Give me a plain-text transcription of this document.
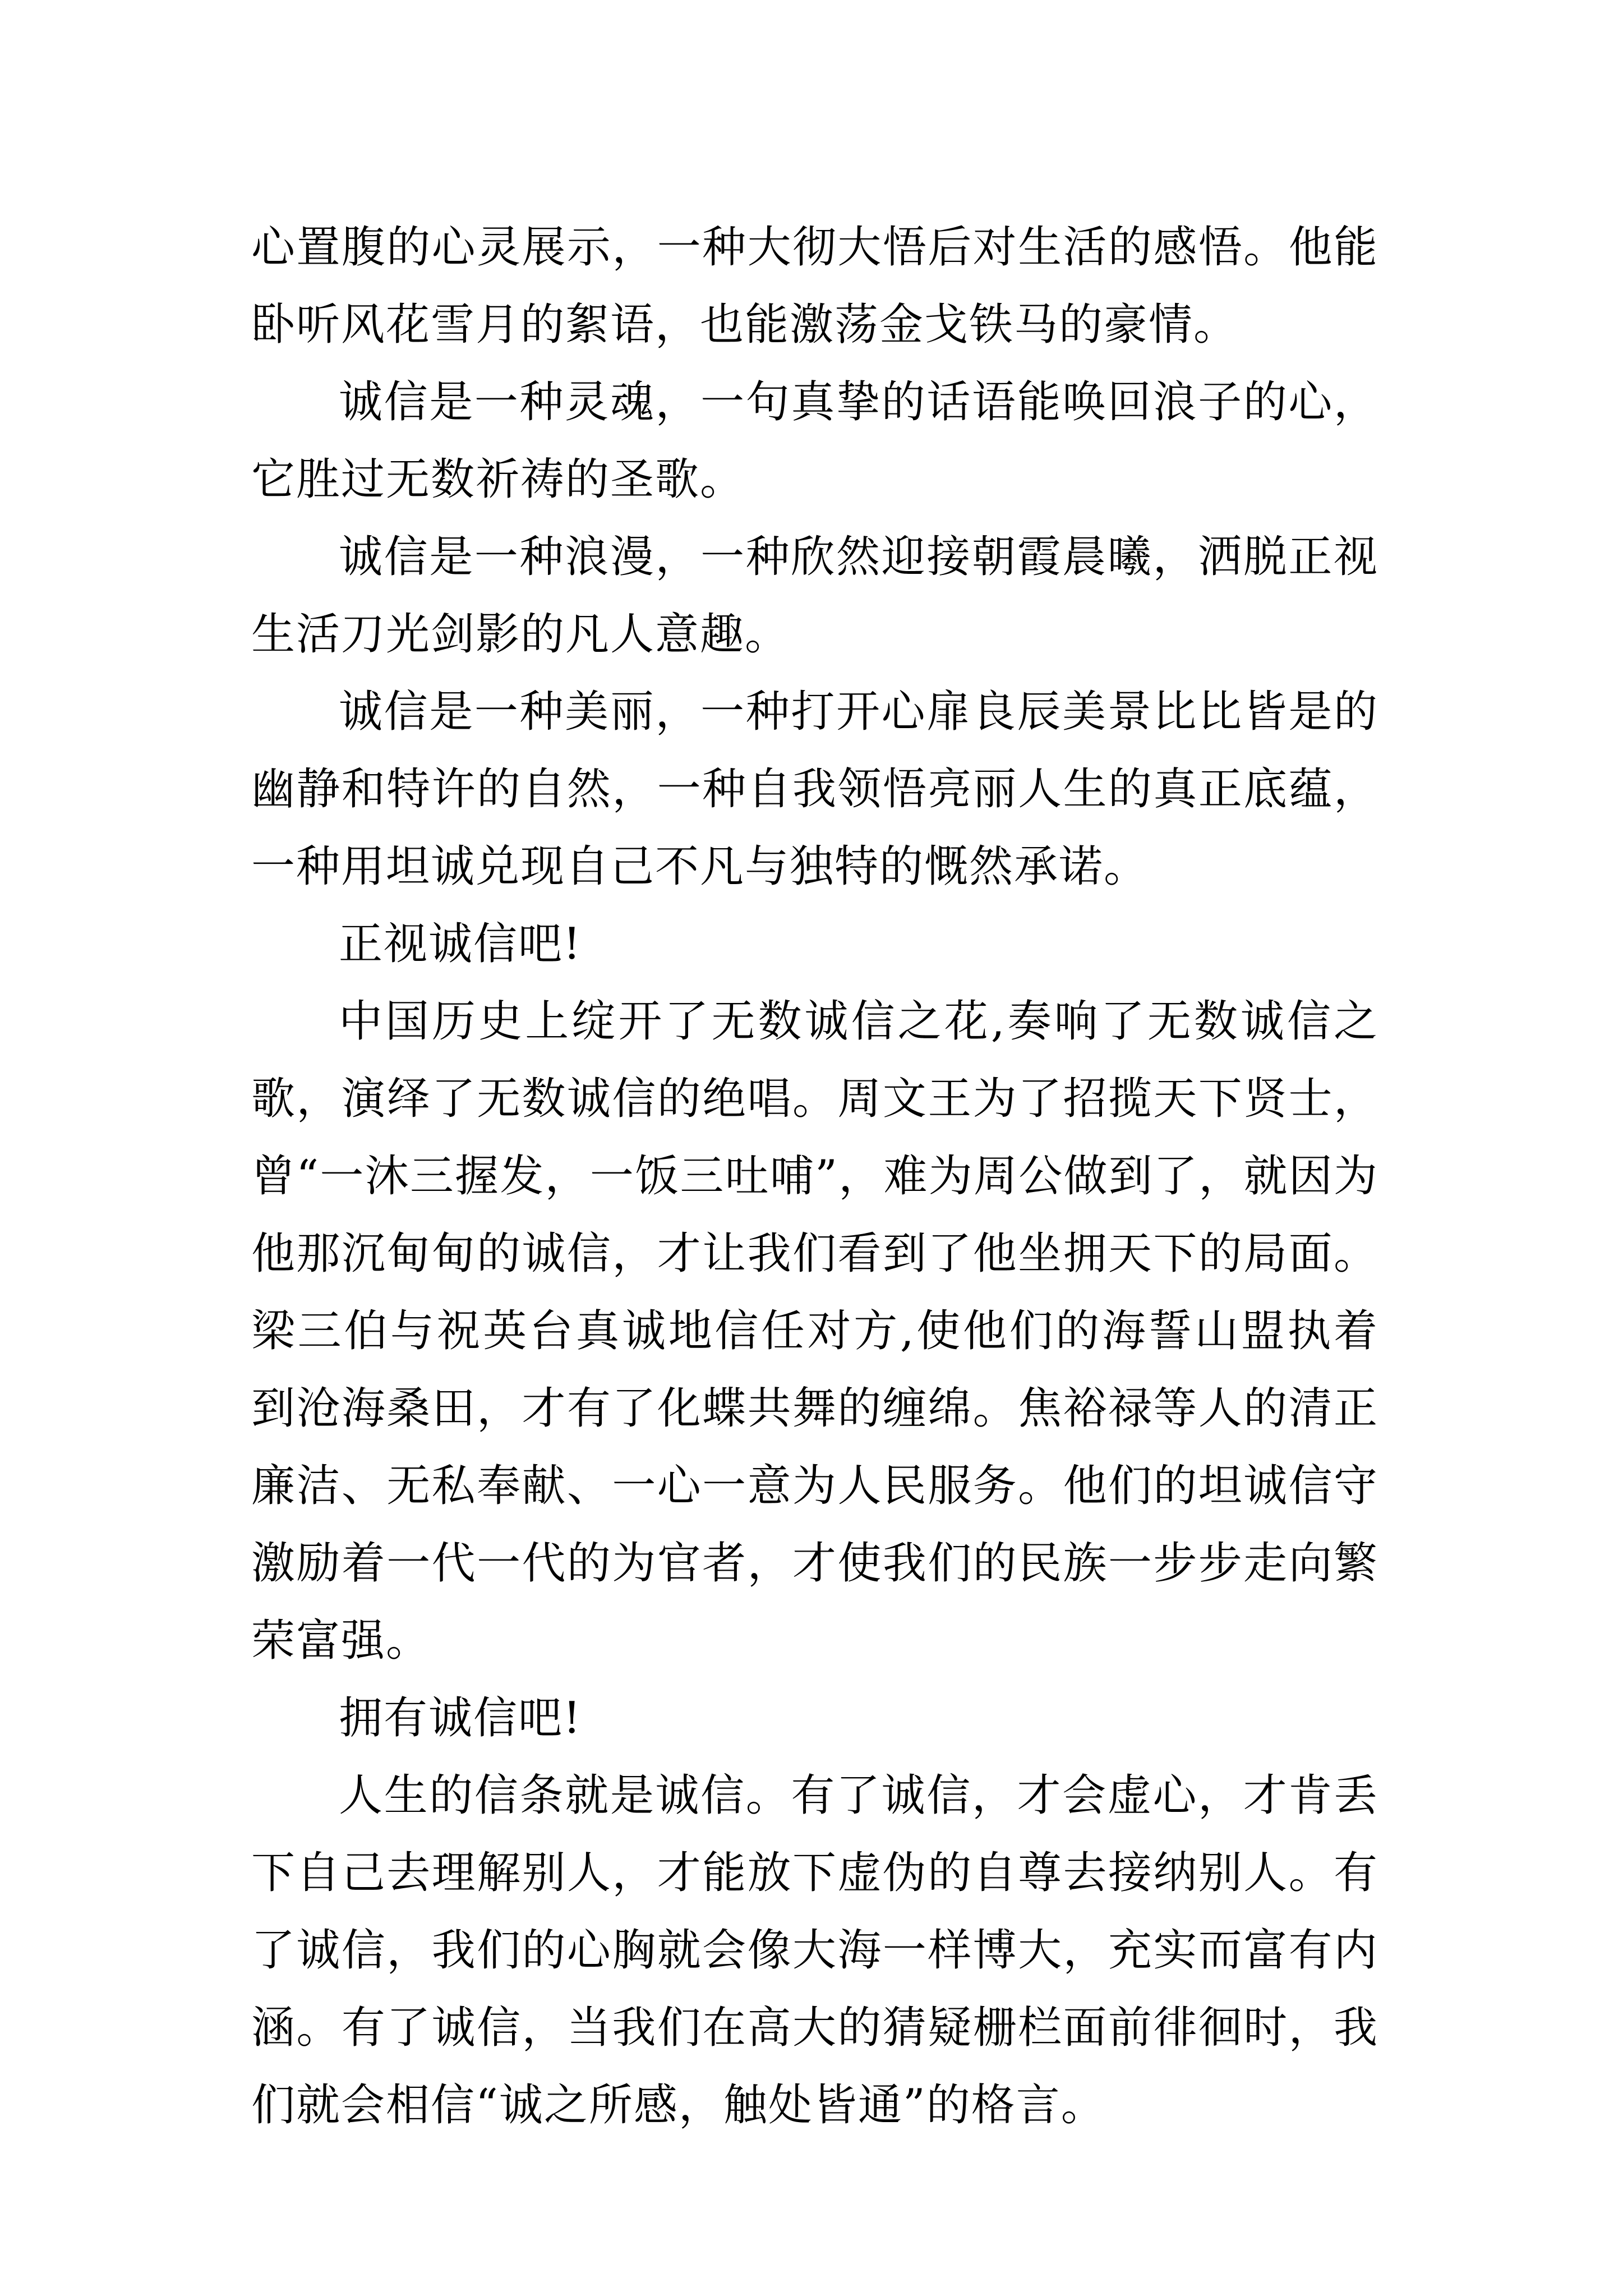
心置腹的心灵展示，一种大彻大悟后对生活的感悟。他能卧听风花雪月的絮语，也能激荡金戈铁马的豪情。

诚信是一种灵魂，一句真挚的话语能唤回浪子的心，它胜过无数祈祷的圣歌。

诚信是一种浪漫，一种欣然迎接朝霞晨曦，洒脱正视生活刀光剑影的凡人意趣。

诚信是一种美丽，一种打开心扉良辰美景比比皆是的幽静和特许的自然，一种自我领悟亮丽人生的真正底蕴，一种用坦诚兑现自己不凡与独特的慨然承诺。

正视诚信吧!

中国历史上绽开了无数诚信之花,奏响了无数诚信之歌，演绎了无数诚信的绝唱。周文王为了招揽天下贤士，曾“一沐三握发，一饭三吐哺”，难为周公做到了，就因为他那沉甸甸的诚信，才让我们看到了他坐拥天下的局面。梁三伯与祝英台真诚地信任对方,使他们的海誓山盟执着到沧海桑田，才有了化蝶共舞的缠绵。焦裕禄等人的清正廉洁、无私奉献、一心一意为人民服务。他们的坦诚信守激励着一代一代的为官者，才使我们的民族一步步走向繁荣富强。

拥有诚信吧!

人生的信条就是诚信。有了诚信，才会虚心，才肯丢下自己去理解别人，才能放下虚伪的自尊去接纳别人。有了诚信，我们的心胸就会像大海一样博大，充实而富有内涵。有了诚信，当我们在高大的猜疑栅栏面前徘徊时，我们就会相信“诚之所感，触处皆通”的格言。
